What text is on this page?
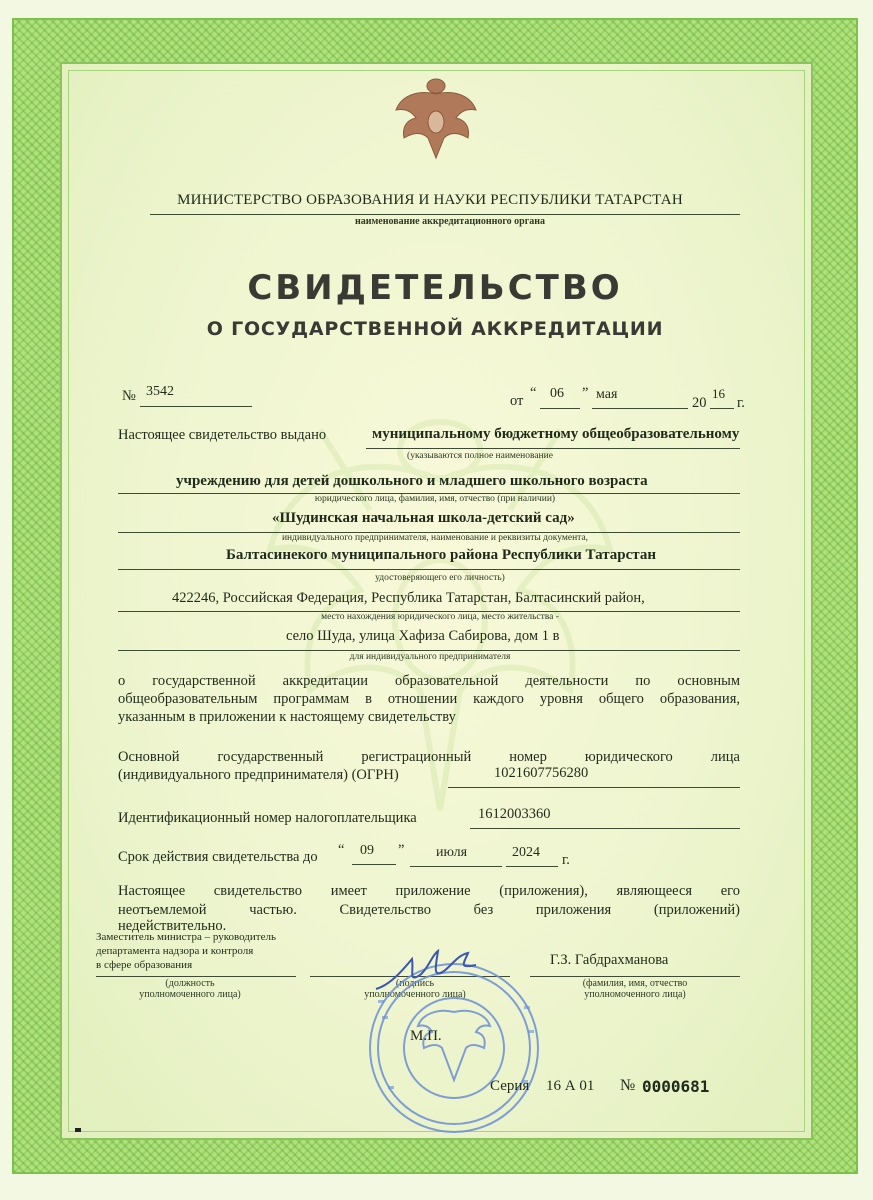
МИНИСТЕРСТВО ОБРАЗОВАНИЯ И НАУКИ РЕСПУБЛИКИ ТАТАРСТАН
наименование аккредитационного органа
СВИДЕТЕЛЬСТВО
О ГОСУДАРСТВЕННОЙ АККРЕДИТАЦИИ
№ 3542
от “ 06 ” мая
20
16
г.
Настоящее свидетельство выдано	муниципальному бюджетному общеобразовательному
(указываются полное наименование
учреждению для детей дошкольного и младшего школьного возраста
юридического лица, фамилия, имя, отчество (при наличии)
«Шудинская начальная школа-детский сад»
индивидуального предпринимателя, наименование и реквизиты документа,
Балтасинекого муниципального района Республики Татарстан
удостоверяющего его личность)
422246, Российская Федерация, Республика Татарстан, Балтасинский район,
место нахождения юридического лица, место жительства -
село Шуда, улица Хафиза Сабирова, дом 1 в
для индивидуального предпринимателя
о государственной аккредитации образовательной деятельности по основным
общеобразовательным программам в отношении каждого уровня общего образования,
указанным в приложении к настоящему свидетельству
Основной государственный регистрационный номер юридического лица
(индивидуального предпринимателя) (ОГРН)	1021607756280
Идентификационный номер налогоплательщика	1612003360
Срок действия свидетельства до “ 09 ” июля	2024 г.
Настоящее свидетельство имеет приложение (приложения), являющееся его
неотъемлемой частью. Свидетельство без приложения (приложений)
недействительно.
Заместитель министра – руководитель
департамента надзора и контроля
в сфере образования
(должность
уполномоченного лица)
(подпись
уполномоченного лица)
Г.З. Габдрахманова
(фамилия, имя, отчество
уполномоченного лица)
М.П.
Серия 16 А 01 № 0000681
